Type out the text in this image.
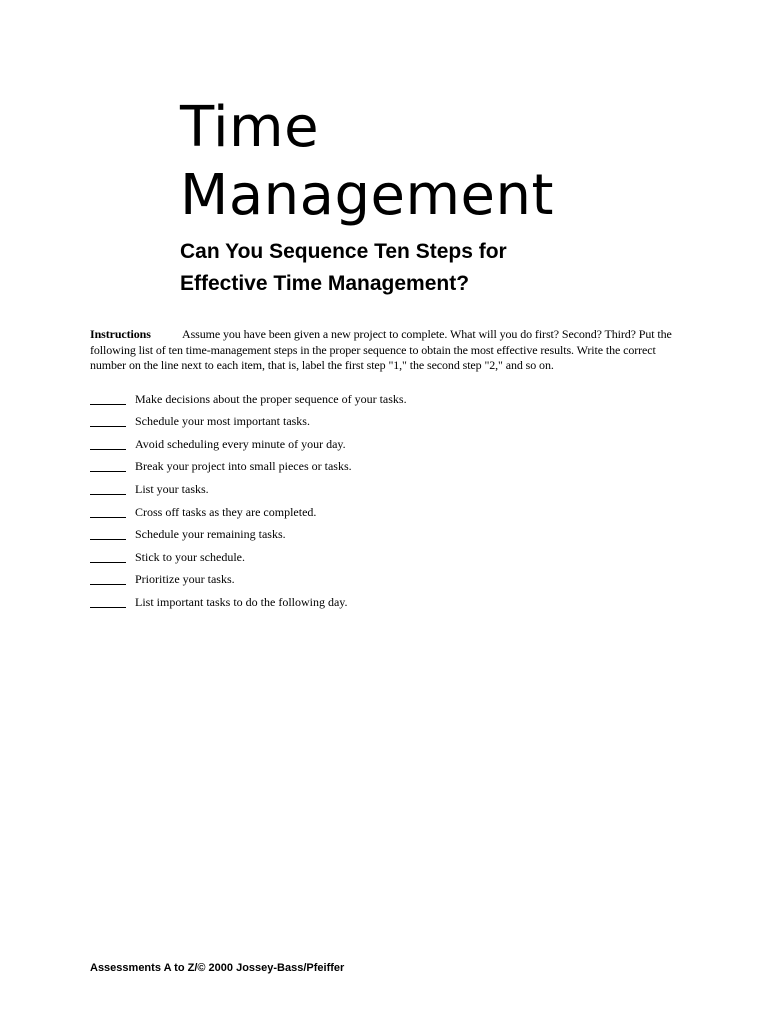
Time
Management
Can You Sequence Ten Steps for
Effective Time Management?

Instructions	Assume you have been given a new project to complete. What will you do first? Second? Third? Put the following list of ten time-management steps in the proper sequence to obtain the most effective results. Write the correct number on the line next to each item, that is, label the first step "1," the second step "2," and so on.

Make decisions about the proper sequence of your tasks.
Schedule your most important tasks.
Avoid scheduling every minute of your day.
Break your project into small pieces or tasks.
List your tasks.
Cross off tasks as they are completed.
Schedule your remaining tasks.
Stick to your schedule.
Prioritize your tasks.
List important tasks to do the following day.

Assessments A to Z/© 2000 Jossey-Bass/Pfeiffer
